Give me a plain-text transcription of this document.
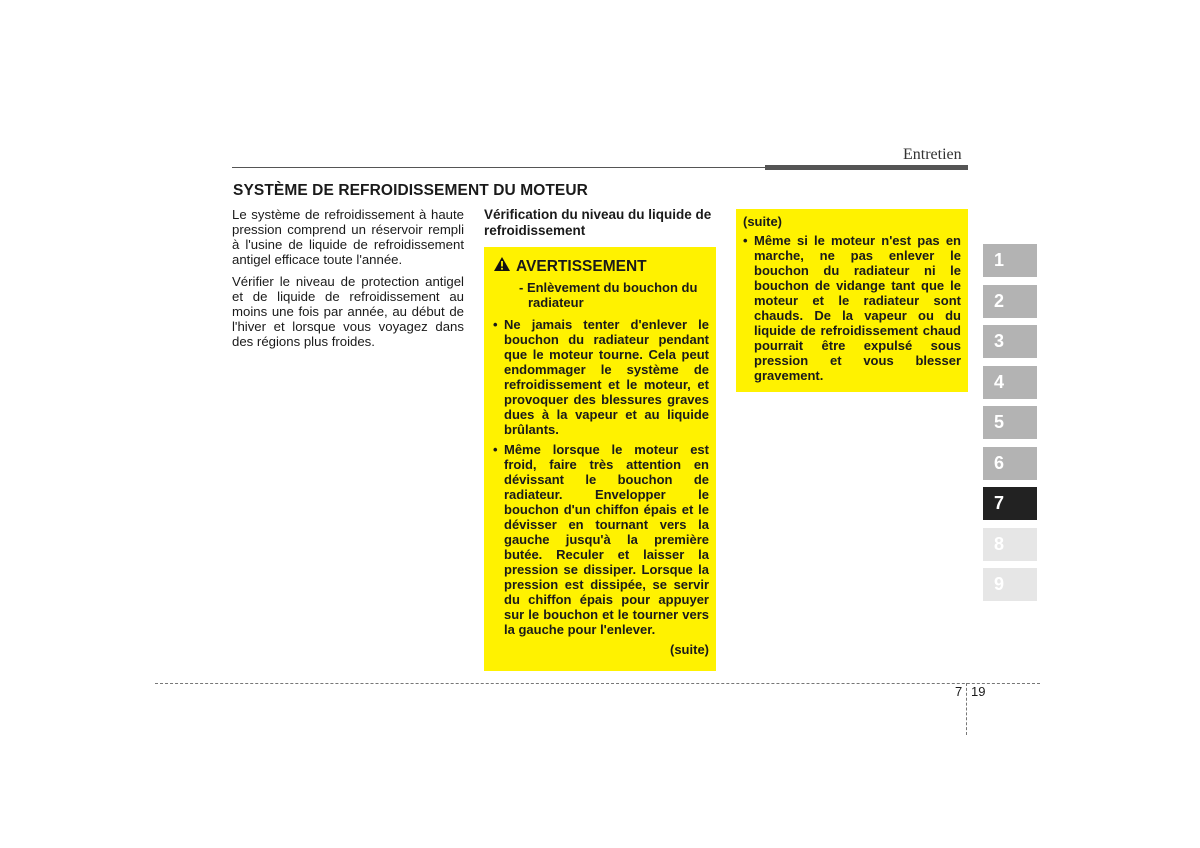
Entretien
SYSTÈME DE REFROIDISSEMENT DU MOTEUR

Le système de refroidissement à haute pression comprend un réservoir rempli à l'usine de liquide de refroidissement antigel efficace toute l'année.

Vérifier le niveau de protection antigel et de liquide de refroidissement au moins une fois par année, au début de l'hiver et lorsque vous voyagez dans des régions plus froides.

Vérification du niveau du liquide de refroidissement
AVERTISSEMENT
- Enlèvement du bouchon du radiateur
• Ne jamais tenter d'enlever le bouchon du radiateur pendant que le moteur tourne. Cela peut endommager le système de refroidissement et le moteur, et provoquer des blessures graves dues à la vapeur et au liquide brûlants.
• Même lorsque le moteur est froid, faire très attention en dévissant le bouchon de radiateur. Envelopper le bouchon d'un chiffon épais et le dévisser en tournant vers la gauche jusqu'à la première butée. Reculer et laisser la pression se dissiper. Lorsque la pression est dissipée, se servir du chiffon épais pour appuyer sur le bouchon et le tourner vers la gauche pour l'enlever.
(suite)
(suite)
• Même si le moteur n'est pas en marche, ne pas enlever le bouchon du radiateur ni le bouchon de vidange tant que le moteur et le radiateur sont chauds. De la vapeur ou du liquide de refroidissement chaud pourrait être expulsé sous pression et vous blesser gravement.
1
2
3
4
5
6
7
8
9
7 19
